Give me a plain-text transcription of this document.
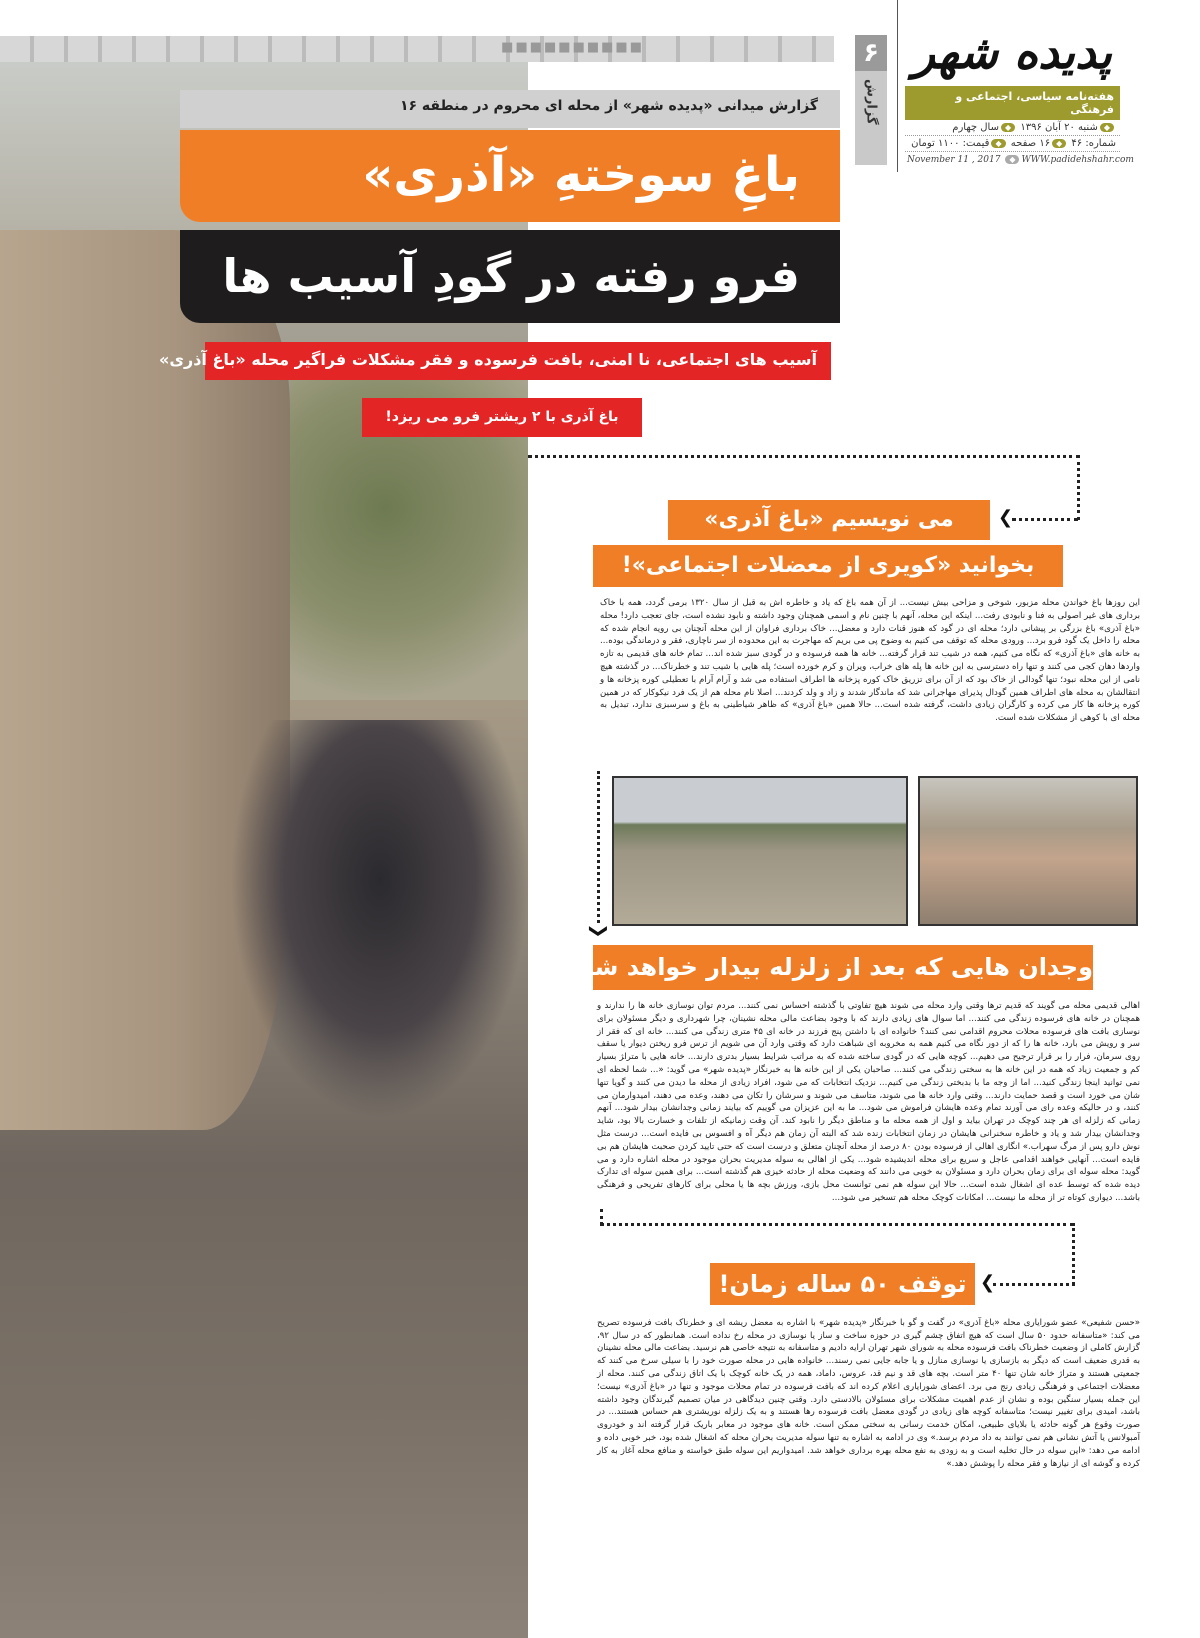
■■■■■■■■■■	۶
گزارش
پدیده شهر
هفته‌نامه سیاسی، اجتماعی و فرهنگی
◆شنبه ۲۰ آبان ۱۳۹۶ ◆سال چهارم
شماره: ۴۶ ◆۱۶ صفحه ◆قیمت: ۱۱۰۰ تومان
November 11 , 2017 ◆ WWW.padidehshahr.com
گزارش میدانی «پدیده شهر» از محله ای محروم در منطقه ۱۶
باغِ سوختهِ «آذری»
فرو رفته در گودِ آسیب ها
آسیب های اجتماعی، نا امنی، بافت فرسوده و فقر مشکلات فراگیر محله «باغ آذری»
باغ آذری با ۲ ریشتر فرو می ریزد!
❮
می نویسیم «باغ آذری»
بخوانید «کویری از معضلات اجتماعی»!
این روزها باغ خواندن محله مزبور، شوخی و مزاحی بیش نیست... از آن همه باغ که یاد و خاطره اش به قبل از سال ۱۳۲۰ برمی گردد، همه با خاک برداری های غیر اصولی به فنا و نابودی رفت... اینکه این محله، آنهم با چنین نام و اسمی همچنان وجود داشته و نابود نشده است، جای تعجب دارد! محله «باغ آذری» باغ بزرگی بر پیشانی دارد؛ محله ای در گود که هنوز قنات دارد و معضل... خاک برداری فراوان از این محله آنچنان بی رویه انجام شده که محله را داخل یک گود فرو برد... ورودی محله که توقف می کنیم به وضوح پی می بریم که مهاجرت به این محدوده از سر ناچاری، فقر و درماندگی بوده... به خانه های «باغ آذری» که نگاه می کنیم، همه در شیب تند قرار گرفته... خانه ها همه فرسوده و در گودی سبز شده اند... تمام خانه های قدیمی به تازه واردها دهان کجی می کنند و تنها راه دسترسی به این خانه ها پله های خراب، ویران و کرم خورده است؛ پله هایی با شیب تند و خطرناک... در گذشته هیچ نامی از این محله نبود؛ تنها گودالی از خاک بود که از آن برای تزریق خاک کوره پزخانه ها اطراف استفاده می شد و آرام آرام با تعطیلی کوره پزخانه ها و انتقالشان به محله های اطراف همین گودال پذیرای مهاجرانی شد که ماندگار شدند و زاد و ولد کردند... اصلا نام محله هم از یک فرد نیکوکار که در همین کوره پزخانه ها کار می کرده و کارگران زیادی داشت، گرفته شده است... حالا همین «باغ آذری» که ظاهر شیاطینی به باغ و سرسبزی ندارد، تبدیل به محله ای با کوهی از مشکلات شده است.
❮
وجدان هایی که بعد از زلزله بیدار خواهد شد!
اهالی قدیمی محله می گویند که قدیم ترها وقتی وارد محله می شوند هیچ تفاوتی با گذشته احساس نمی کنند... مردم توان نوسازی خانه ها را ندارند و همچنان در خانه های فرسوده زندگی می کنند... اما سوال های زیادی دارند که با وجود بضاعت مالی محله نشینان، چرا شهرداری و دیگر مسئولان برای نوسازی بافت های فرسوده محلات محروم اقدامی نمی کنند؟ خانواده ای با داشتن پنج فرزند در خانه ای ۴۵ متری زندگی می کنند... خانه ای که فقر از سر و رویش می بارد، خانه ها را که از دور نگاه می کنیم همه به مخروبه ای شباهت دارد که وقتی وارد آن می شویم از ترس فرو ریختن دیوار یا سقف روی سرمان، فرار را بر قرار ترجیح می دهیم... کوچه هایی که در گودی ساخته شده که به مراتب شرایط بسیار بدتری دارند... خانه هایی با مترا‍ژ بسیار کم و جمعیت زیاد که همه در این خانه ها به سختی زندگی می کنند... صاحبان یکی از این خانه ها به خبرنگار «پدیده شهر» می گوید: «... شما لحظه ای نمی توانید اینجا زندگی کنید... اما از وجه ما با بدبختی زندگی می کنیم... نزدیک انتخابات که می شود، افراد زیادی از محله ما دیدن می کنند و گویا تنها شان می خورد است و قصد حمایت دارند... وقتی وارد خانه ها می شوند، متاسف می شوند و سرشان را تکان می دهند، وعده می دهند، امیدوارمان می کنند، و در حالیکه وعده رای می آورند تمام وعده هایشان فراموش می شود... ما به این عزیزان می گوییم که بیایند زمانی وجدانشان بیدار شود... آنهم زمانی که زلزله ای هر چند کوچک در تهران بیاید و اول از همه محله ما و مناطق دیگر را نابود کند. آن وقت زمانیکه از تلفات و خسارت بالا بود، شاید وجدانشان بیدار شد و یاد و خاطره سخنرانی هایشان در زمان انتخابات زنده شد که البته آن زمان هم دیگر آه و افسوس بی فایده است... درست مثل نوش دارو پس از مرگ سهراب.» انگاری اهالی از فرسوده بودن ۸۰ درصد از محله آنچنان متعلق و درست است که حتی تایید کردن صحبت هایشان هم بی فایده است... آنهایی خواهند اقدامی عاجل و سریع برای محله اندیشیده شود... یکی از اهالی به سوله مدیریت بحران موجود در محله اشاره دارد و می گوید: محله سوله ای برای زمان بحران دارد و مسئولان به خوبی می دانند که وضعیت محله از حادثه خیزی هم گذشته است... برای همین سوله ای تدارک دیده شده که توسط عده ای اشغال شده است... حالا این سوله هم نمی توانست محل بازی، ورزش بچه ها یا محلی برای کارهای تفریحی و فرهنگی باشد... دیواری کوتاه تر از محله ما نیست... امکانات کوچک محله هم تسخیر می شود...
❮
توقف ۵۰ ساله زمان!
«حسن شفیعی» عضو شورایاری محله «باغ آذری» در گفت و گو با خبرنگار «پدیده شهر» با اشاره به معضل ریشه ای و خطرناک بافت فرسوده تصریح می کند: «متاسفانه حدود ۵۰ سال است که هیچ اتفاق چشم گیری در حوزه ساخت و ساز یا نوسازی در محله رخ نداده است. همانطور که در سال ۹۲، گزارش کاملی از وضعیت خطرناک بافت فرسوده محله به شورای شهر تهران ارایه دادیم و متاسفانه به نتیجه خاصی هم نرسید. بضاعت مالی محله نشینان به قدری ضعیف است که دیگر به بازسازی یا نوسازی منازل و یا جابه جایی نمی رسند... خانواده هایی در محله صورت خود را با سیلی سرخ می کنند که جمعیتی هستند و متراژ خانه شان تنها ۴۰ متر است. بچه های قد و نیم قد، عروس، داماد، همه در یک خانه کوچک با یک اتاق زندگی می کنند. محله از معضلات اجتماعی و فرهنگی زیادی رنج می برد. اعضای شورایاری اعلام کرده اند که بافت فرسوده در تمام محلات موجود و تنها در «باغ آذری» نیست؛ این جمله بسیار سنگین بوده و نشان از عدم اهمیت مشکلات برای مسئولان بالادستی دارد. وقتی چنین دیدگاهی در میان تصمیم گیرندگان وجود داشته باشد، امیدی برای تغییر نیست؛ متاسفانه کوچه های زیادی در گودی معضل بافت فرسوده رها هستند و به یک زلزله نوریشتری هم حساس هستند... در صورت وقوع هر گونه حادثه یا بلایای طبیعی، امکان خدمت رسانی به سختی ممکن است. خانه های موجود در معابر باریک قرار گرفته اند و خودروی آمبولانس یا آتش نشانی هم نمی توانند به داد مردم برسد.» وی در ادامه به اشاره به تنها سوله مدیریت بحران محله که اشغال شده بود، خبر خوبی داده و ادامه می دهد: «این سوله در حال تخلیه است و به زودی به نفع محله بهره برداری خواهد شد. امیدواریم این سوله طبق خواسته و منافع محله آغاز به کار کرده و گوشه ای از نیازها و فقر محله را پوشش دهد.»
